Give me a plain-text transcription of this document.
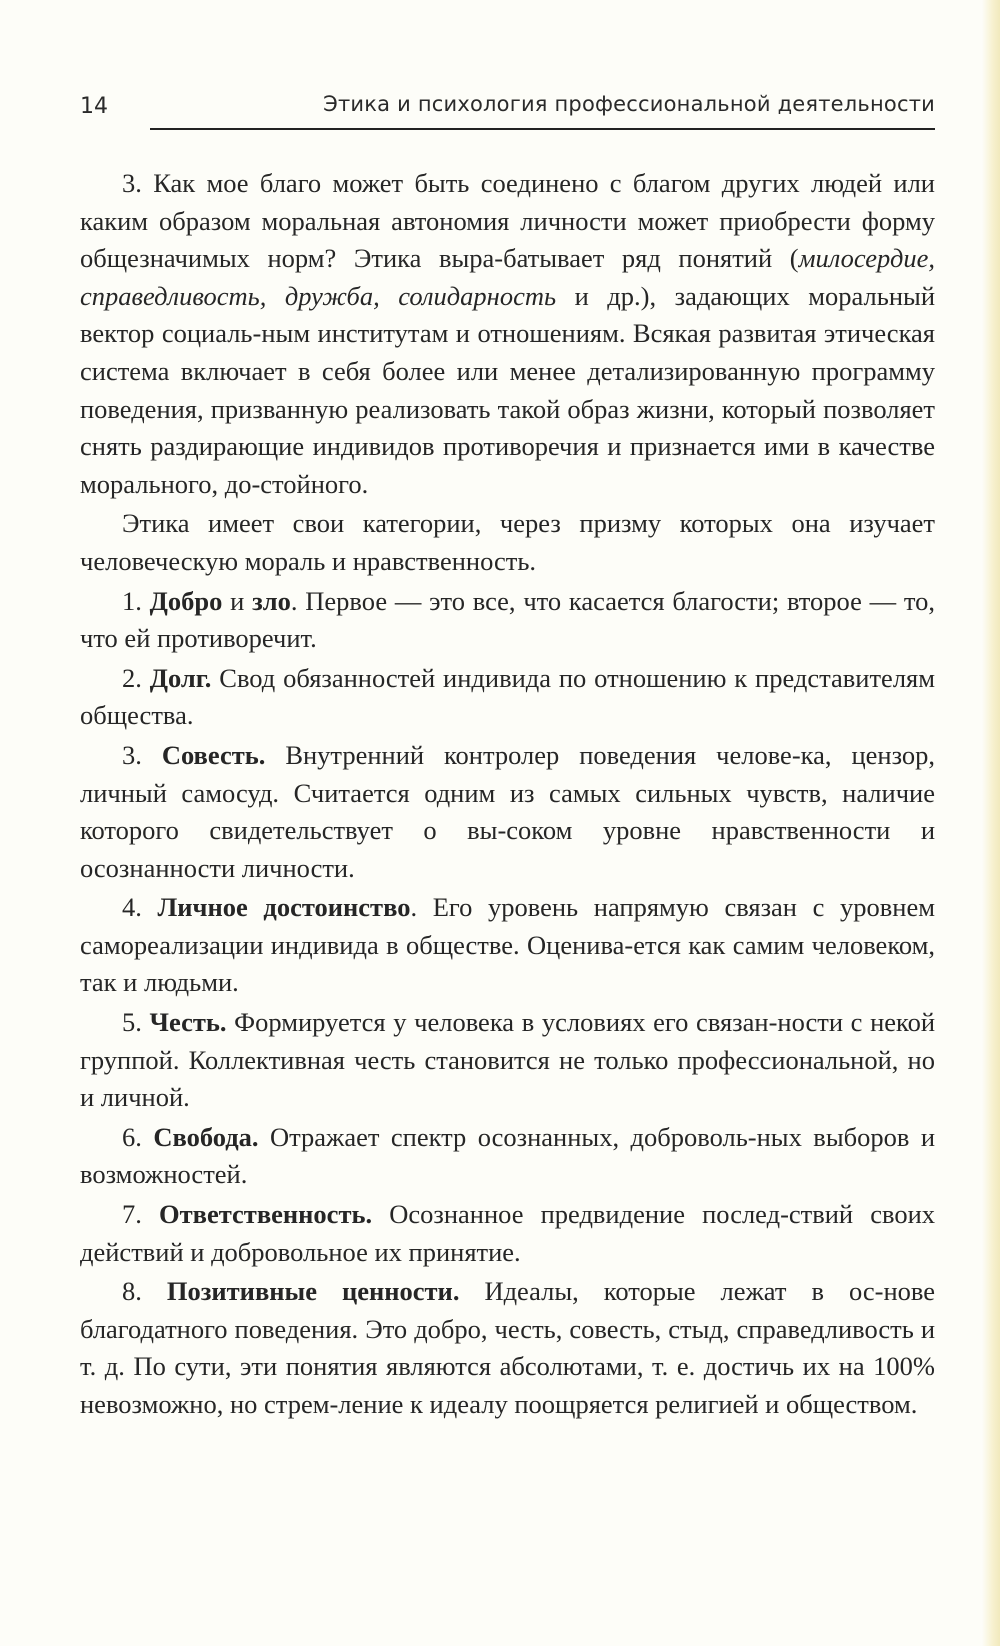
14	Этика и психология профессиональной деятельности

3. Как мое благо может быть соединено с благом других людей или каким образом моральная автономия личности может приобрести форму общезначимых норм? Этика выра-батывает ряд понятий (милосердие, справедливость, дружба, солидарность и др.), задающих моральный вектор социаль-ным институтам и отношениям. Всякая развитая этическая система включает в себя более или менее детализированную программу поведения, призванную реализовать такой образ жизни, который позволяет снять раздирающие индивидов противоречия и признается ими в качестве морального, до-стойного.

Этика имеет свои категории, через призму которых она изучает человеческую мораль и нравственность.

1. Добро и зло. Первое — это все, что касается благости; второе — то, что ей противоречит.

2. Долг. Свод обязанностей индивида по отношению к представителям общества.

3. Совесть. Внутренний контролер поведения челове-ка, цензор, личный самосуд. Считается одним из самых сильных чувств, наличие которого свидетельствует о вы-соком уровне нравственности и осознанности личности.

4. Личное достоинство. Его уровень напрямую связан с уровнем самореализации индивида в обществе. Оценива-ется как самим человеком, так и людьми.

5. Честь. Формируется у человека в условиях его связан-ности с некой группой. Коллективная честь становится не только профессиональной, но и личной.

6. Свобода. Отражает спектр осознанных, доброволь-ных выборов и возможностей.

7. Ответственность. Осознанное предвидение послед-ствий своих действий и добровольное их принятие.

8. Позитивные ценности. Идеалы, которые лежат в ос-нове благодатного поведения. Это добро, честь, совесть, стыд, справедливость и т. д. По сути, эти понятия являются абсолютами, т. е. достичь их на 100% невозможно, но стрем-ление к идеалу поощряется религией и обществом.
